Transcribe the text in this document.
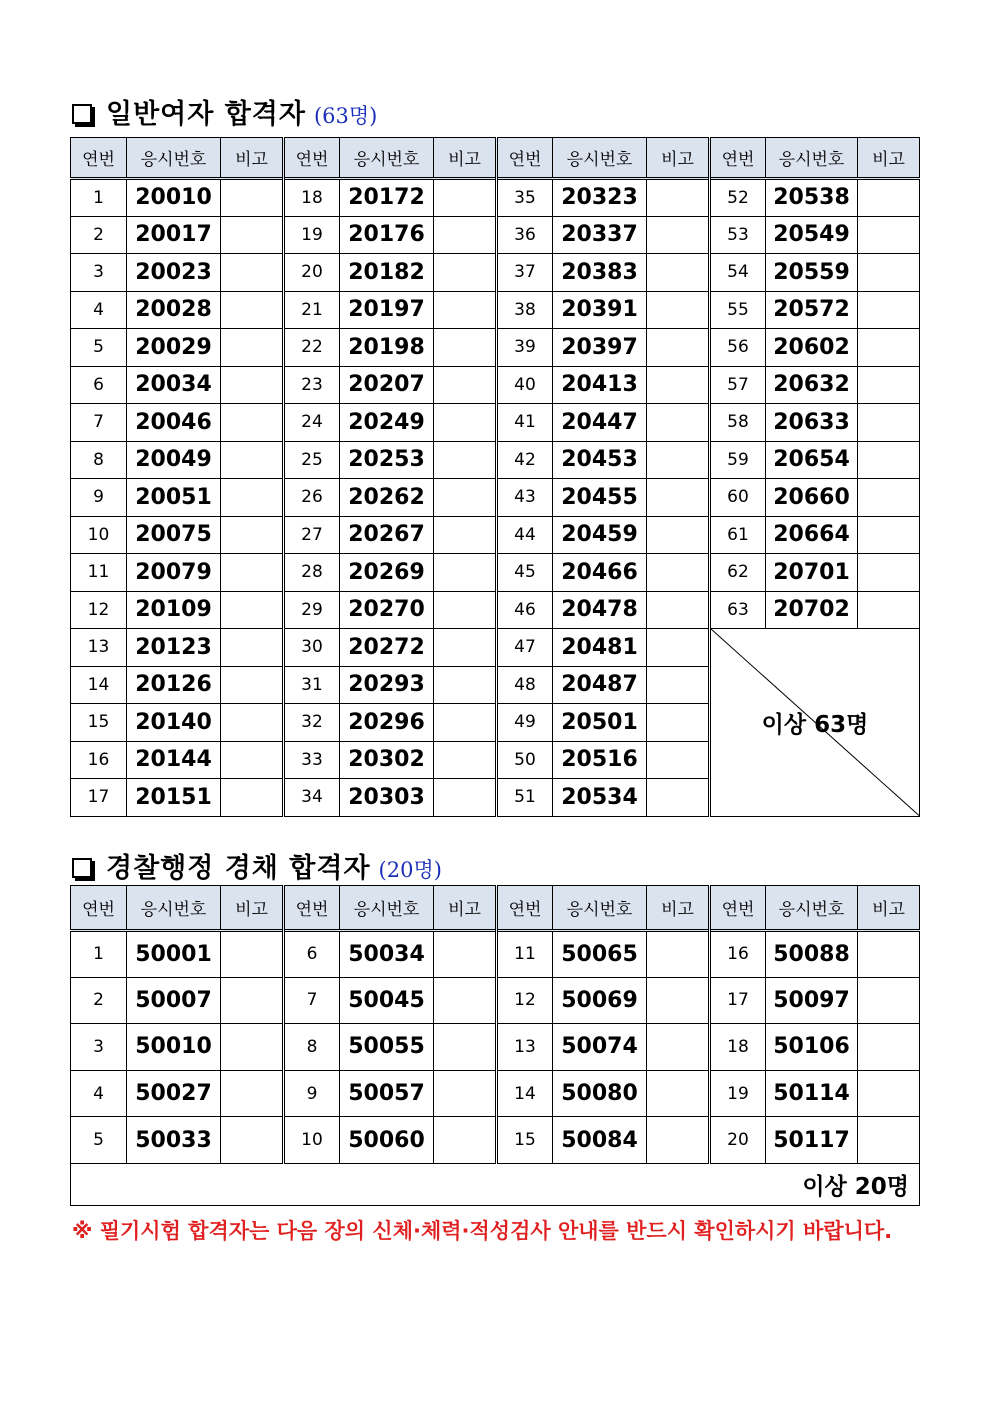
일반여자 합격자 (63명)
연번	응시번호	비고	연번	응시번호	비고	연번	응시번호	비고	연번	응시번호	비고
1	20010		18	20172		35	20323		52	20538	
2	20017		19	20176		36	20337		53	20549	
3	20023		20	20182		37	20383		54	20559	
4	20028		21	20197		38	20391		55	20572	
5	20029		22	20198		39	20397		56	20602	
6	20034		23	20207		40	20413		57	20632	
7	20046		24	20249		41	20447		58	20633	
8	20049		25	20253		42	20453		59	20654	
9	20051		26	20262		43	20455		60	20660	
10	20075		27	20267		44	20459		61	20664	
11	20079		28	20269		45	20466		62	20701	
12	20109		29	20270		46	20478		63	20702	
13	20123		30	20272		47	20481		이상 63명		
14	20126		31	20293		48	20487				
15	20140		32	20296		49	20501				
16	20144		33	20302		50	20516				
17	20151		34	20303		51	20534				
경찰행정 경채 합격자 (20명)
연번	응시번호	비고	연번	응시번호	비고	연번	응시번호	비고	연번	응시번호	비고
1	50001		6	50034		11	50065		16	50088	
2	50007		7	50045		12	50069		17	50097	
3	50010		8	50055		13	50074		18	50106	
4	50027		9	50057		14	50080		19	50114	
5	50033		10	50060		15	50084		20	50117	
이상 20명											
※ 필기시험 합격자는 다음 장의 신체·체력·적성검사 안내를 반드시 확인하시기 바랍니다.
